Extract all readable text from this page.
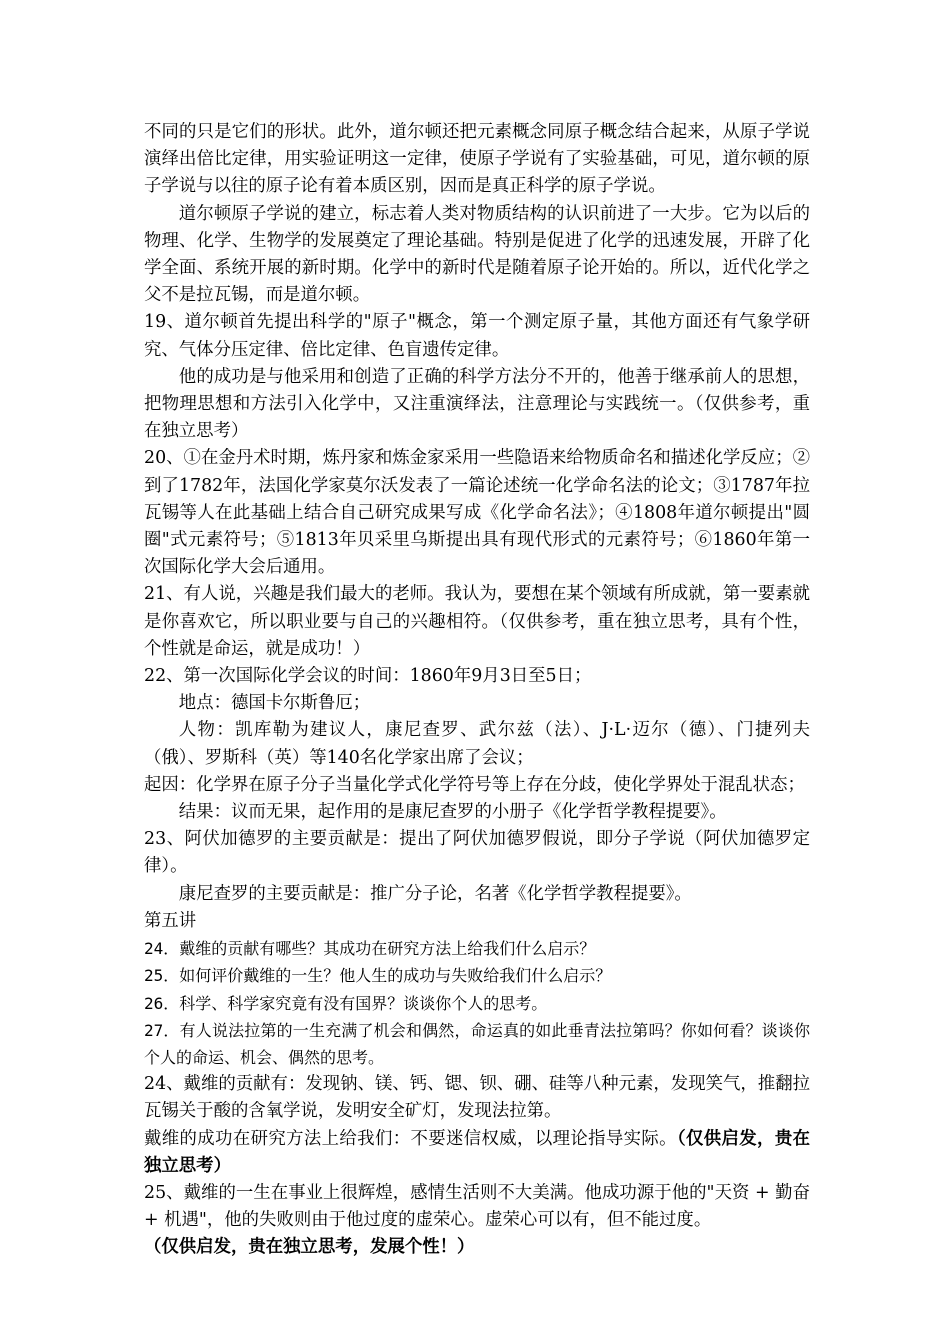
不同的只是它们的形状。此外，道尔顿还把元素概念同原子概念结合起来，从原子学说演绎出倍比定律，用实验证明这一定律，使原子学说有了实验基础，可见，道尔顿的原子学说与以往的原子论有着本质区别，因而是真正科学的原子学说。

道尔顿原子学说的建立，标志着人类对物质结构的认识前进了一大步。它为以后的物理、化学、生物学的发展奠定了理论基础。特别是促进了化学的迅速发展，开辟了化学全面、系统开展的新时期。化学中的新时代是随着原子论开始的。所以，近代化学之父不是拉瓦锡，而是道尔顿。

19、道尔顿首先提出科学的"原子"概念，第一个测定原子量，其他方面还有气象学研究、气体分压定律、倍比定律、色盲遗传定律。

他的成功是与他采用和创造了正确的科学方法分不开的，他善于继承前人的思想，把物理思想和方法引入化学中，又注重演绎法，注意理论与实践统一。（仅供参考，重在独立思考）

20、①在金丹术时期，炼丹家和炼金家采用一些隐语来给物质命名和描述化学反应；②到了1782年，法国化学家莫尔沃发表了一篇论述统一化学命名法的论文；③1787年拉瓦锡等人在此基础上结合自己研究成果写成《化学命名法》；④1808年道尔顿提出"圆圈"式元素符号；⑤1813年贝采里乌斯提出具有现代形式的元素符号；⑥1860年第一次国际化学大会后通用。

21、有人说，兴趣是我们最大的老师。我认为，要想在某个领域有所成就，第一要素就是你喜欢它，所以职业要与自己的兴趣相符。（仅供参考，重在独立思考，具有个性，个性就是命运，就是成功！）

22、第一次国际化学会议的时间：1860年9月3日至5日；

地点：德国卡尔斯鲁厄；

人物：凯库勒为建议人，康尼查罗、武尔兹（法）、J·L·迈尔（德）、门捷列夫（俄）、罗斯科（英）等140名化学家出席了会议；

起因：化学界在原子分子当量化学式化学符号等上存在分歧，使化学界处于混乱状态；

结果：议而无果，起作用的是康尼查罗的小册子《化学哲学教程提要》。

23、阿伏加德罗的主要贡献是：提出了阿伏加德罗假说，即分子学说（阿伏加德罗定律）。

康尼查罗的主要贡献是：推广分子论，名著《化学哲学教程提要》。

第五讲

24．戴维的贡献有哪些？其成功在研究方法上给我们什么启示？

25．如何评价戴维的一生？他人生的成功与失败给我们什么启示？

26．科学、科学家究竟有没有国界？谈谈你个人的思考。

27．有人说法拉第的一生充满了机会和偶然，命运真的如此垂青法拉第吗？你如何看？谈谈你个人的命运、机会、偶然的思考。

24、戴维的贡献有：发现钠、镁、钙、锶、钡、硼、硅等八种元素，发现笑气，推翻拉瓦锡关于酸的含氧学说，发明安全矿灯，发现法拉第。

戴维的成功在研究方法上给我们：不要迷信权威，以理论指导实际。（仅供启发，贵在独立思考）

25、戴维的一生在事业上很辉煌，感情生活则不大美满。他成功源于他的"天资 + 勤奋 + 机遇"，他的失败则由于他过度的虚荣心。虚荣心可以有，但不能过度。

（仅供启发，贵在独立思考，发展个性！）
